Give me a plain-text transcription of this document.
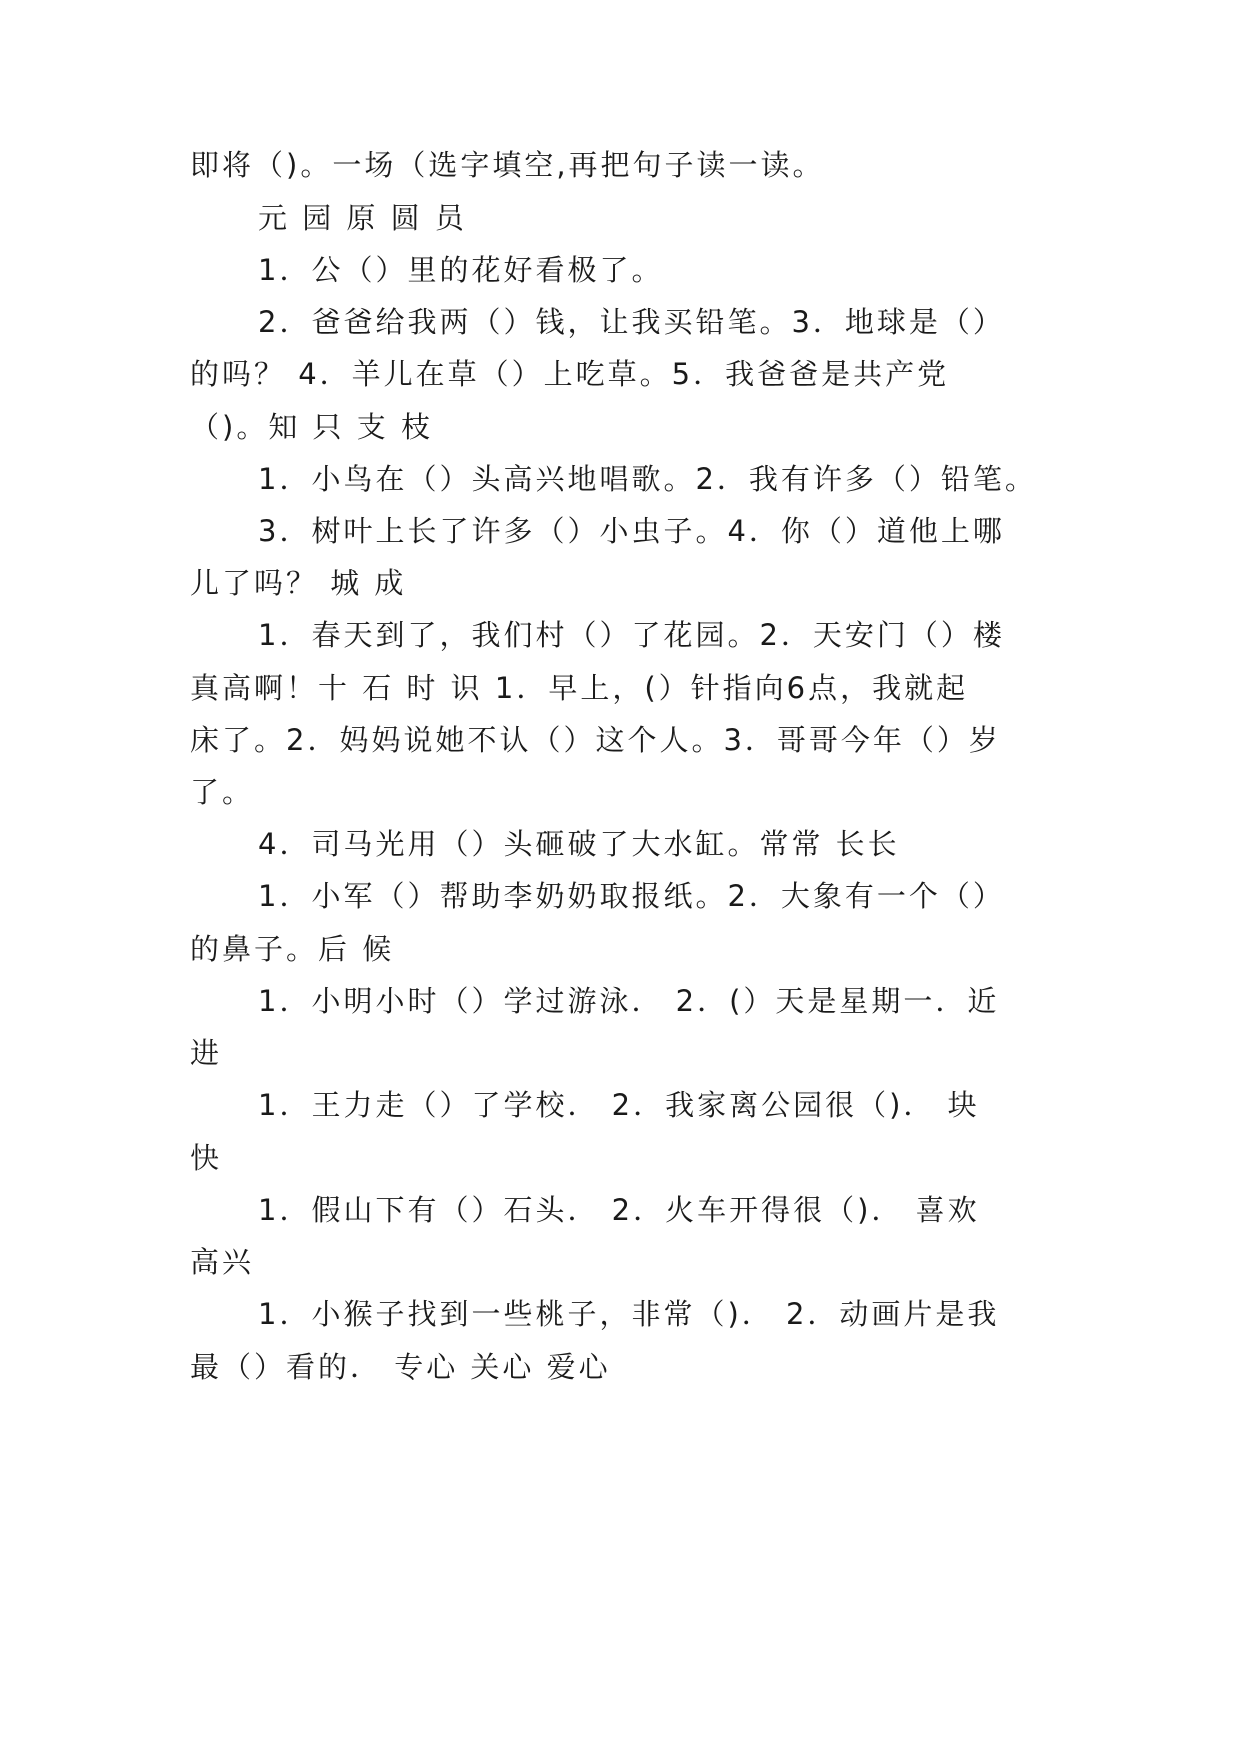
即将（)。一场（选字填空,再把句子读一读。
元 园 原 圆 员
1．公（）里的花好看极了。
2．爸爸给我两（）钱，让我买铅笔。3．地球是（）
的吗？ 4．羊儿在草（）上吃草。5．我爸爸是共产党
（)。知 只 支 枝
1．小鸟在（）头高兴地唱歌。2．我有许多（）铅笔。
3．树叶上长了许多（）小虫子。4．你（）道他上哪
儿了吗？ 城 成
1．春天到了，我们村（）了花园。2．天安门（）楼
真高啊！十 石 时 识 1．早上，(）针指向6点，我就起
床了。2．妈妈说她不认（）这个人。3．哥哥今年（）岁
了。
4．司马光用（）头砸破了大水缸。常常 长长
1．小军（）帮助李奶奶取报纸。2．大象有一个（）
的鼻子。后 候
1．小明小时（）学过游泳． 2．(）天是星期一．近
进
1．王力走（）了学校． 2．我家离公园很（)． 块
快
1．假山下有（）石头． 2．火车开得很（)． 喜欢
高兴
1．小猴子找到一些桃子，非常（)． 2．动画片是我
最（）看的． 专心 关心 爱心
